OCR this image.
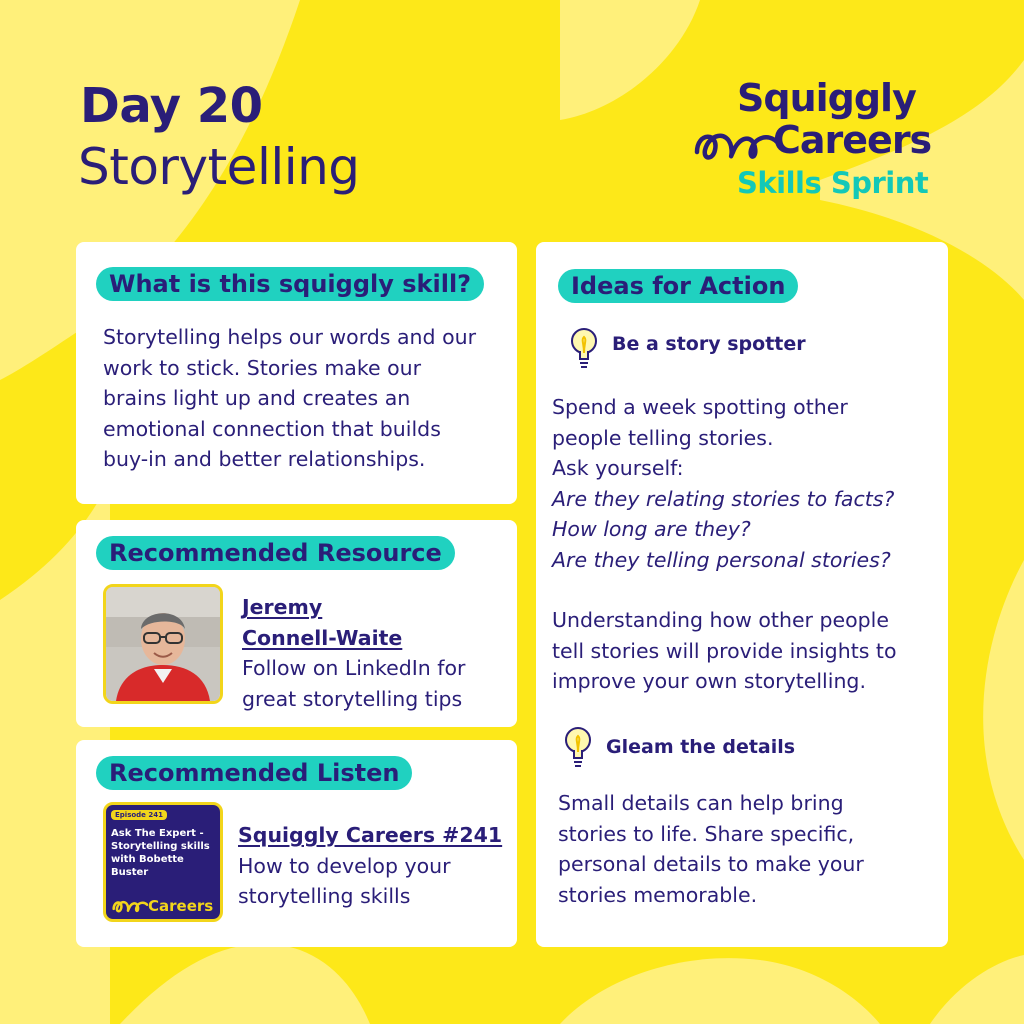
Day 20
Storytelling
Squiggly
Careers
Skills Sprint
What is this squiggly skill?
Storytelling helps our words and our
work to stick. Stories make our
brains light up and creates an
emotional connection that builds
buy-in and better relationships.
Recommended Resource
Jeremy
Connell-Waite
Follow on LinkedIn for
great storytelling tips
Recommended Listen
Episode 241
Ask The Expert -
Storytelling skills
with Bobette
Buster
Careers
Squiggly Careers #241
How to develop your
storytelling skills
Ideas for Action
Be a story spotter
Spend a week spotting other
people telling stories.
Ask yourself:
Are they relating stories to facts?
How long are they?
Are they telling personal stories?
Understanding how other people
tell stories will provide insights to
improve your own storytelling.
Gleam the details
Small details can help bring
stories to life. Share specific,
personal details to make your
stories memorable.
